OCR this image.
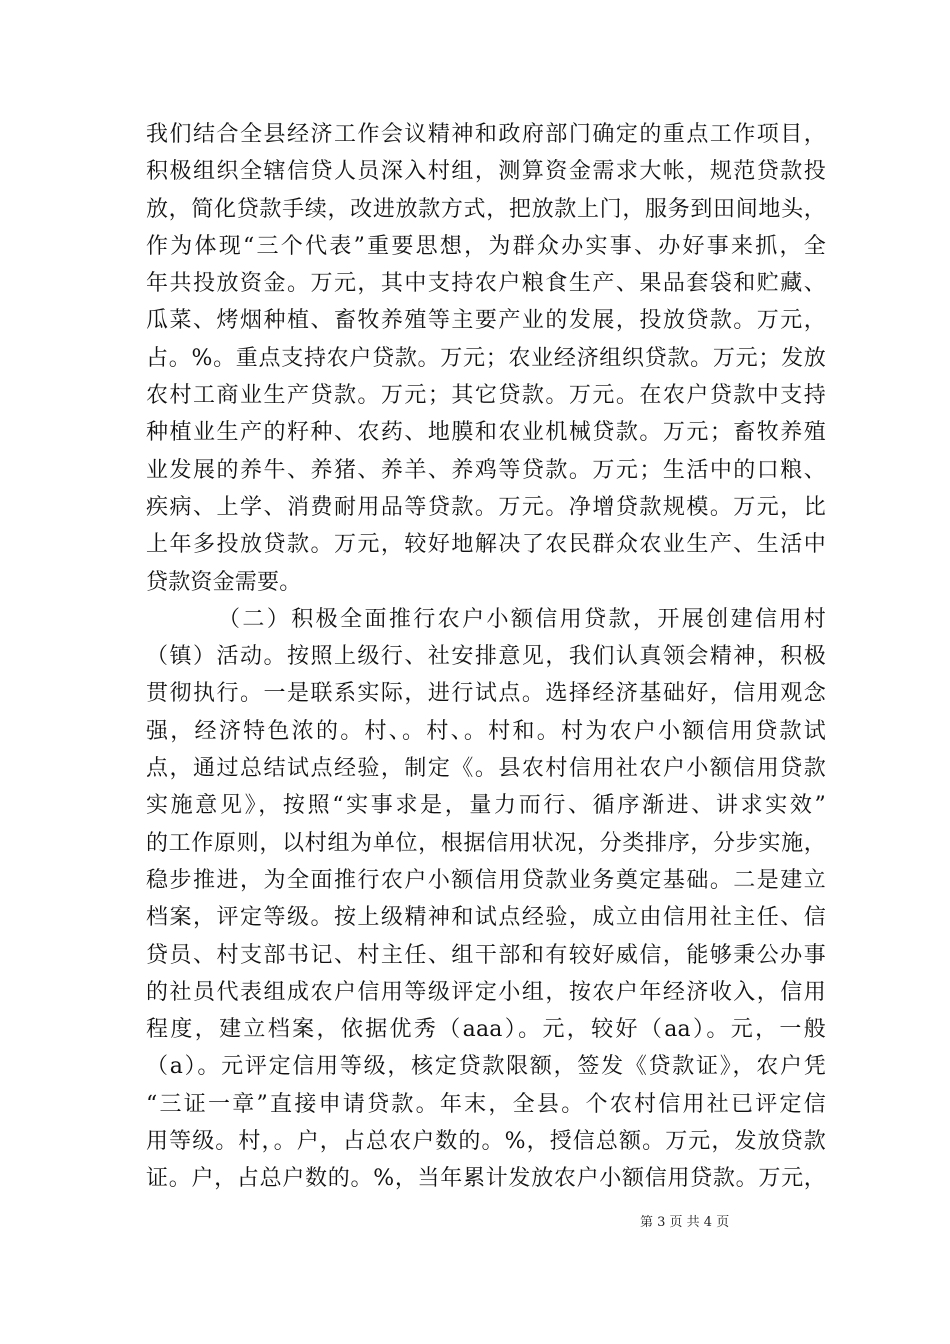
我们结合全县经济工作会议精神和政府部门确定的重点工作项目，
积极组织全辖信贷人员深入村组，测算资金需求大帐，规范贷款投
放，简化贷款手续，改进放款方式，把放款上门，服务到田间地头，
作为体现“三个代表”重要思想，为群众办实事、办好事来抓，全
年共投放资金。万元，其中支持农户粮食生产、果品套袋和贮藏、
瓜菜、烤烟种植、畜牧养殖等主要产业的发展，投放贷款。万元，
占。%。重点支持农户贷款。万元；农业经济组织贷款。万元；发放
农村工商业生产贷款。万元；其它贷款。万元。在农户贷款中支持
种植业生产的籽种、农药、地膜和农业机械贷款。万元；畜牧养殖
业发展的养牛、养猪、养羊、养鸡等贷款。万元；生活中的口粮、
疾病、上学、消费耐用品等贷款。万元。净增贷款规模。万元，比
上年多投放贷款。万元，较好地解决了农民群众农业生产、生活中
贷款资金需要。
（二）积极全面推行农户小额信用贷款，开展创建信用村
（镇）活动。按照上级行、社安排意见，我们认真领会精神，积极
贯彻执行。一是联系实际，进行试点。选择经济基础好，信用观念
强，经济特色浓的。村、。村、。村和。村为农户小额信用贷款试
点，通过总结试点经验，制定《。县农村信用社农户小额信用贷款
实施意见》，按照“实事求是，量力而行、循序渐进、讲求实效”
的工作原则，以村组为单位，根据信用状况，分类排序，分步实施，
稳步推进，为全面推行农户小额信用贷款业务奠定基础。二是建立
档案，评定等级。按上级精神和试点经验，成立由信用社主任、信
贷员、村支部书记、村主任、组干部和有较好威信，能够秉公办事
的社员代表组成农户信用等级评定小组，按农户年经济收入，信用
程度，建立档案，依据优秀（aaa）。元，较好（aa）。元，一般
（a）。元评定信用等级，核定贷款限额，签发《贷款证》，农户凭
“三证一章”直接申请贷款。年末，全县。个农村信用社已评定信
用等级。村，。户，占总农户数的。%，授信总额。万元，发放贷款
证。户，占总户数的。%，当年累计发放农户小额信用贷款。万元，
第 3 页 共 4 页
